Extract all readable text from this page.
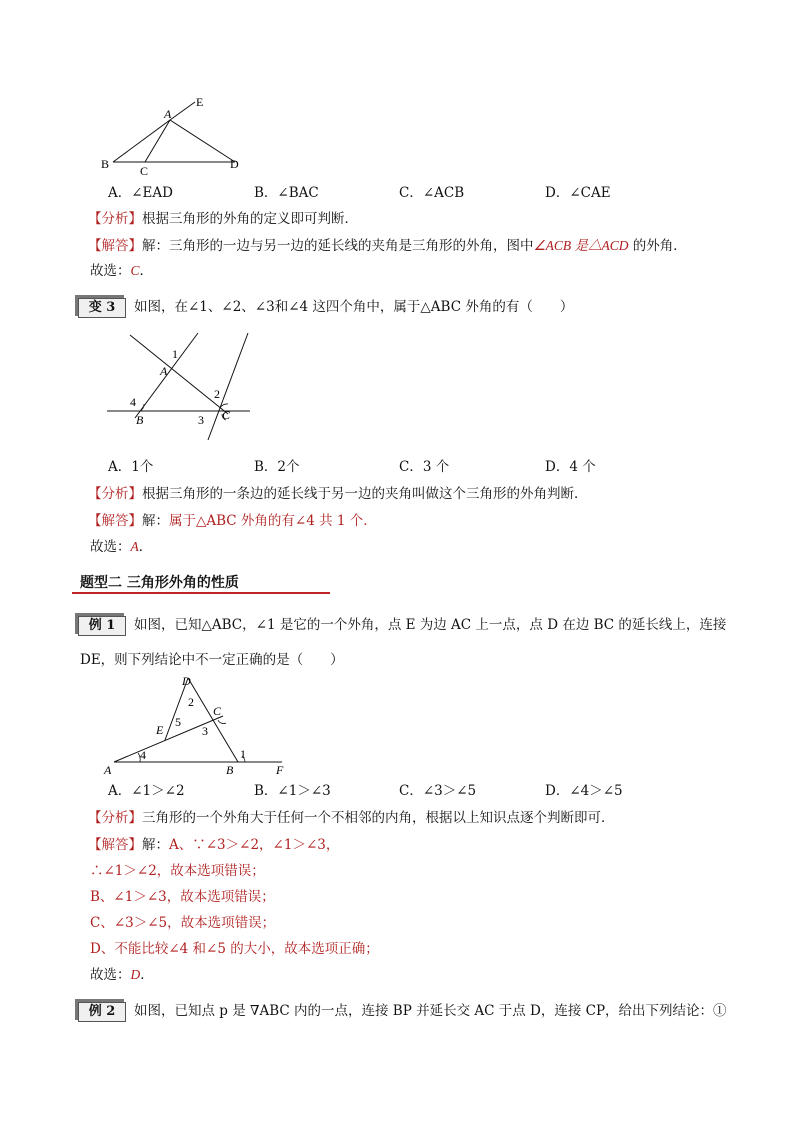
A
E
B	C	D
A．∠EAD	B．∠BAC	C．∠ACB	D．∠CAE
【分析】根据三角形的外角的定义即可判断．
【解答】解：三角形的一边与另一边的延长线的夹角是三角形的外角，图中∠ACB 是△ACD 的外角．
故选：C．
变 3	如图，在∠1、∠2、∠3和∠4 这四个角中，属于△ABC 外角的有（　　）
1
A
2
4
B	3 C
A．1个	B．2个	C．3 个	D．4 个
【分析】根据三角形的一条边的延长线于另一边的夹角叫做这个三角形的外角判断．
【解答】解：属于△ABC 外角的有∠4 共 1 个．
故选：A．
题型二 三角形外角的性质
例 1	如图，已知△ABC，∠1 是它的一个外角，点 E 为边 AC 上一点，点 D 在边 BC 的延长线上，连接
DE，则下列结论中不一定正确的是（　　）
D
2
C
5
3
E
4	1
A	B	F
A．∠1＞∠2	B．∠1＞∠3	C．∠3＞∠5	D．∠4＞∠5
【分析】三角形的一个外角大于任何一个不相邻的内角，根据以上知识点逐个判断即可．
【解答】解：A、∵∠3＞∠2，∠1＞∠3，
∴∠1＞∠2，故本选项错误；
B、∠1＞∠3，故本选项错误；
C、∠3＞∠5，故本选项错误；
D、不能比较∠4 和∠5 的大小，故本选项正确；
故选：D．
例 2	如图，已知点 p 是 ∇ABC 内的一点，连接 BP 并延长交 AC 于点 D，连接 CP，给出下列结论：①
